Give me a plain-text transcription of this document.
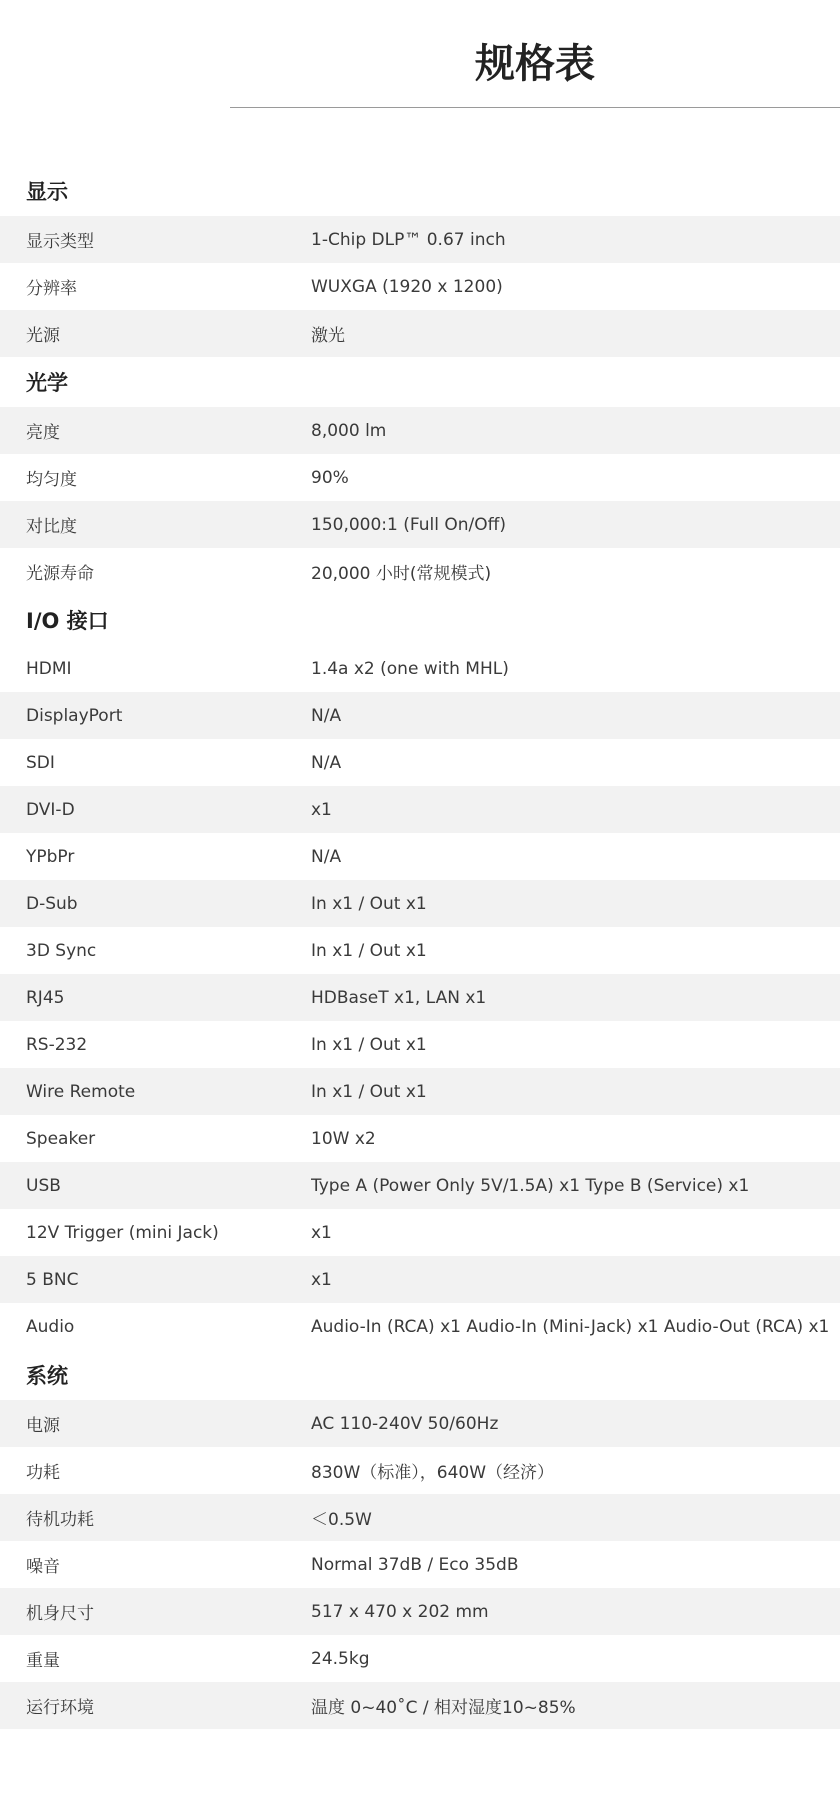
规格表
显示
显示类型	1-Chip DLP™ 0.67 inch
分辨率	WUXGA (1920 x 1200)
光源	激光
光学
亮度	8,000 lm
均匀度	90%
对比度	150,000:1 (Full On/Off)
光源寿命	20,000 小时(常规模式)
I/O 接口
HDMI	1.4a x2 (one with MHL)
DisplayPort	N/A
SDI	N/A
DVI-D	x1
YPbPr	N/A
D-Sub	In x1 / Out x1
3D Sync	In x1 / Out x1
RJ45	HDBaseT x1, LAN x1
RS-232	In x1 / Out x1
Wire Remote	In x1 / Out x1
Speaker	10W x2
USB	Type A (Power Only 5V/1.5A) x1 Type B (Service) x1
12V Trigger (mini Jack)	x1
5 BNC	x1
Audio	Audio-In (RCA) x1 Audio-In (Mini-Jack) x1 Audio-Out (RCA) x1
系统
电源	AC 110-240V 50/60Hz
功耗	830W（标准），640W（经济）
待机功耗	＜0.5W
噪音	Normal 37dB / Eco 35dB
机身尺寸	517 x 470 x 202 mm
重量	24.5kg
运行环境	温度 0~40˚C / 相对湿度10~85%
